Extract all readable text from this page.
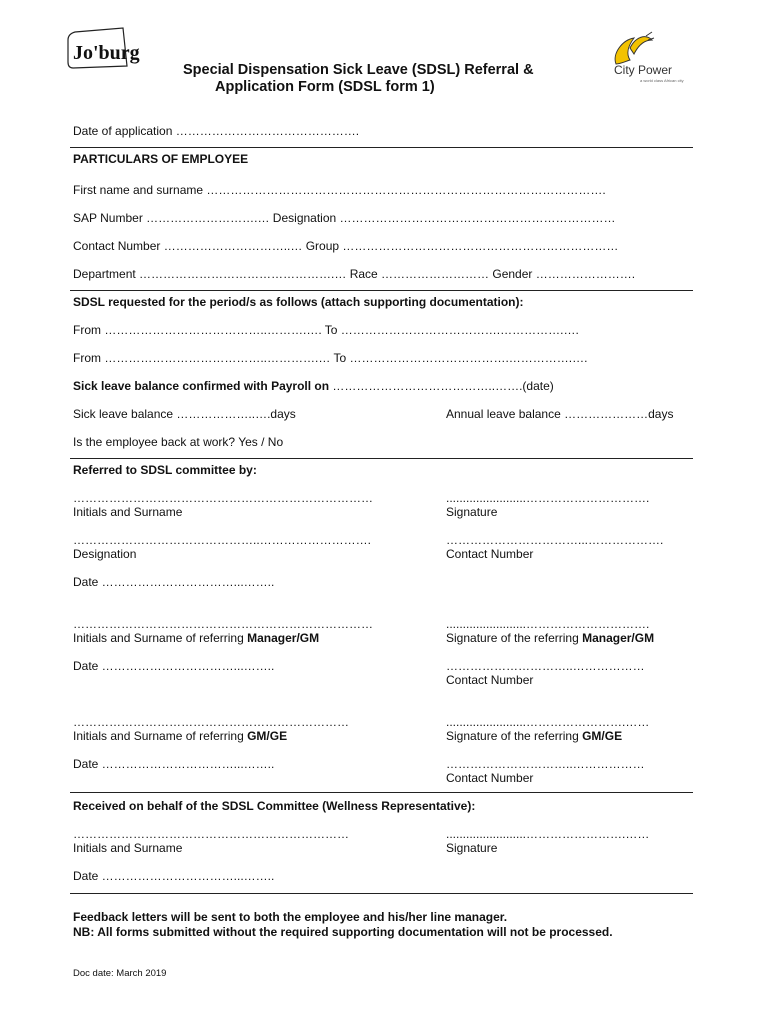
Jo'burg
Special Dispensation Sick Leave (SDSL) Referral &
Application Form (SDSL form 1)
City Power
a world class African city
Date of application ……………………………………….
PARTICULARS OF EMPLOYEE
First name and surname ……………………………………………………………………………………….
SAP Number ……………………….… Designation ……………………………………………………………
Contact Number …………………………..… Group ……………………………………………………………
Department ………………………………………….… Race ……………………… Gender …………………….
SDSL requested for the period/s as follows (attach supporting documentation):
From …………………………………..……….…. To ………………………………….…………….….
From …………………………………..………….… To ………………………………….…………….….
Sick leave balance confirmed with Payroll on …………………………………..…….(date)
Sick leave balance ………………..….days	Annual leave balance …………………days
Is the employee back at work? Yes / No
Referred to SDSL committee by:
…………………………………………………………………	........................………………………….
Initials and Surname	Signature
………………………………………..……………………….	……………………………...……………….
Designation	Contact Number
Date ……………………………...……..
…………………………………………………………………	........................………………………….
Initials and Surname of referring Manager/GM	Signature of the referring Manager/GM
Date ……………………………...……..	…………………………..………………
Contact Number
……………………………………………………………	........................…………………….……
Initials and Surname of referring GM/GE	Signature of the referring GM/GE
Date ……………………………...……..	…………………………..………………
Contact Number
Received on behalf of the SDSL Committee (Wellness Representative):
……………………………………………………………	........................…………………….……
Initials and Surname	Signature
Date ……………………………...……..
Feedback letters will be sent to both the employee and his/her line manager.
NB: All forms submitted without the required supporting documentation will not be processed.
Doc date: March 2019
